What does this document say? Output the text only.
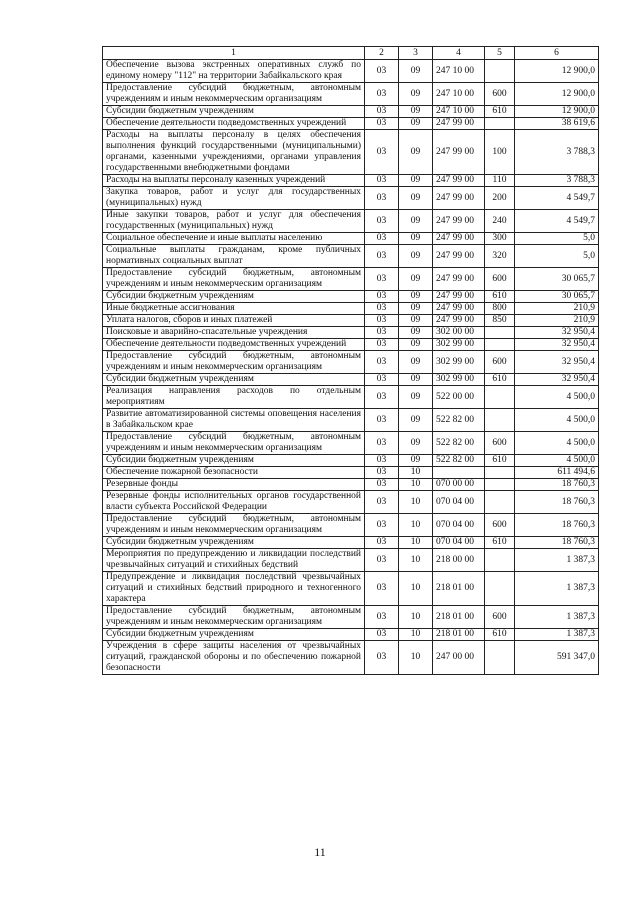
1	2	3	4	5	6
Обеспечение вызова экстренных оперативных служб по единому номеру "112" на территории Забайкальского края	03	09	247 10 00		12 900,0
Предоставление субсидий бюджетным, автономным учреждениям и иным некоммерческим организациям	03	09	247 10 00	600	12 900,0
Субсидии бюджетным учреждениям	03	09	247 10 00	610	12 900,0
Обеспечение деятельности подведомственных учреждений	03	09	247 99 00		38 619,6
Расходы на выплаты персоналу в целях обеспечения выполнения функций государственными (муниципальными) органами, казенными учреждениями, органами управления государственными внебюджетными фондами	03	09	247 99 00	100	3 788,3
Расходы на выплаты персоналу казенных учреждений	03	09	247 99 00	110	3 788,3
Закупка товаров, работ и услуг для государственных (муниципальных) нужд	03	09	247 99 00	200	4 549,7
Иные закупки товаров, работ и услуг для обеспечения государственных (муниципальных) нужд	03	09	247 99 00	240	4 549,7
Социальное обеспечение и иные выплаты населению	03	09	247 99 00	300	5,0
Социальные выплаты гражданам, кроме публичных нормативных социальных выплат	03	09	247 99 00	320	5,0
Предоставление субсидий бюджетным, автономным учреждениям и иным некоммерческим организациям	03	09	247 99 00	600	30 065,7
Субсидии бюджетным учреждениям	03	09	247 99 00	610	30 065,7
Иные бюджетные ассигнования	03	09	247 99 00	800	210,9
Уплата налогов, сборов и иных платежей	03	09	247 99 00	850	210,9
Поисковые и аварийно-спасательные учреждения	03	09	302 00 00		32 950,4
Обеспечение деятельности подведомственных учреждений	03	09	302 99 00		32 950,4
Предоставление субсидий бюджетным, автономным учреждениям и иным некоммерческим организациям	03	09	302 99 00	600	32 950,4
Субсидии бюджетным учреждениям	03	09	302 99 00	610	32 950,4
Реализация направления расходов по отдельным мероприятиям	03	09	522 00 00		4 500,0
Развитие автоматизированной системы оповещения населения в Забайкальском крае	03	09	522 82 00		4 500,0
Предоставление субсидий бюджетным, автономным учреждениям и иным некоммерческим организациям	03	09	522 82 00	600	4 500,0
Субсидии бюджетным учреждениям	03	09	522 82 00	610	4 500,0
Обеспечение пожарной безопасности	03	10			611 494,6
Резервные фонды	03	10	070 00 00		18 760,3
Резервные фонды исполнительных органов государственной власти субъекта Российской Федерации	03	10	070 04 00		18 760,3
Предоставление субсидий бюджетным, автономным учреждениям и иным некоммерческим организациям	03	10	070 04 00	600	18 760,3
Субсидии бюджетным учреждениям	03	10	070 04 00	610	18 760,3
Мероприятия по предупреждению и ликвидации последствий чрезвычайных ситуаций и стихийных бедствий	03	10	218 00 00		1 387,3
Предупреждение и ликвидация последствий чрезвычайных ситуаций и стихийных бедствий природного и техногенного характера	03	10	218 01 00		1 387,3
Предоставление субсидий бюджетным, автономным учреждениям и иным некоммерческим организациям	03	10	218 01 00	600	1 387,3
Субсидии бюджетным учреждениям	03	10	218 01 00	610	1 387,3
Учреждения в сфере защиты населения от чрезвычайных ситуаций, гражданской обороны и по обеспечению пожарной безопасности	03	10	247 00 00		591 347,0
11
